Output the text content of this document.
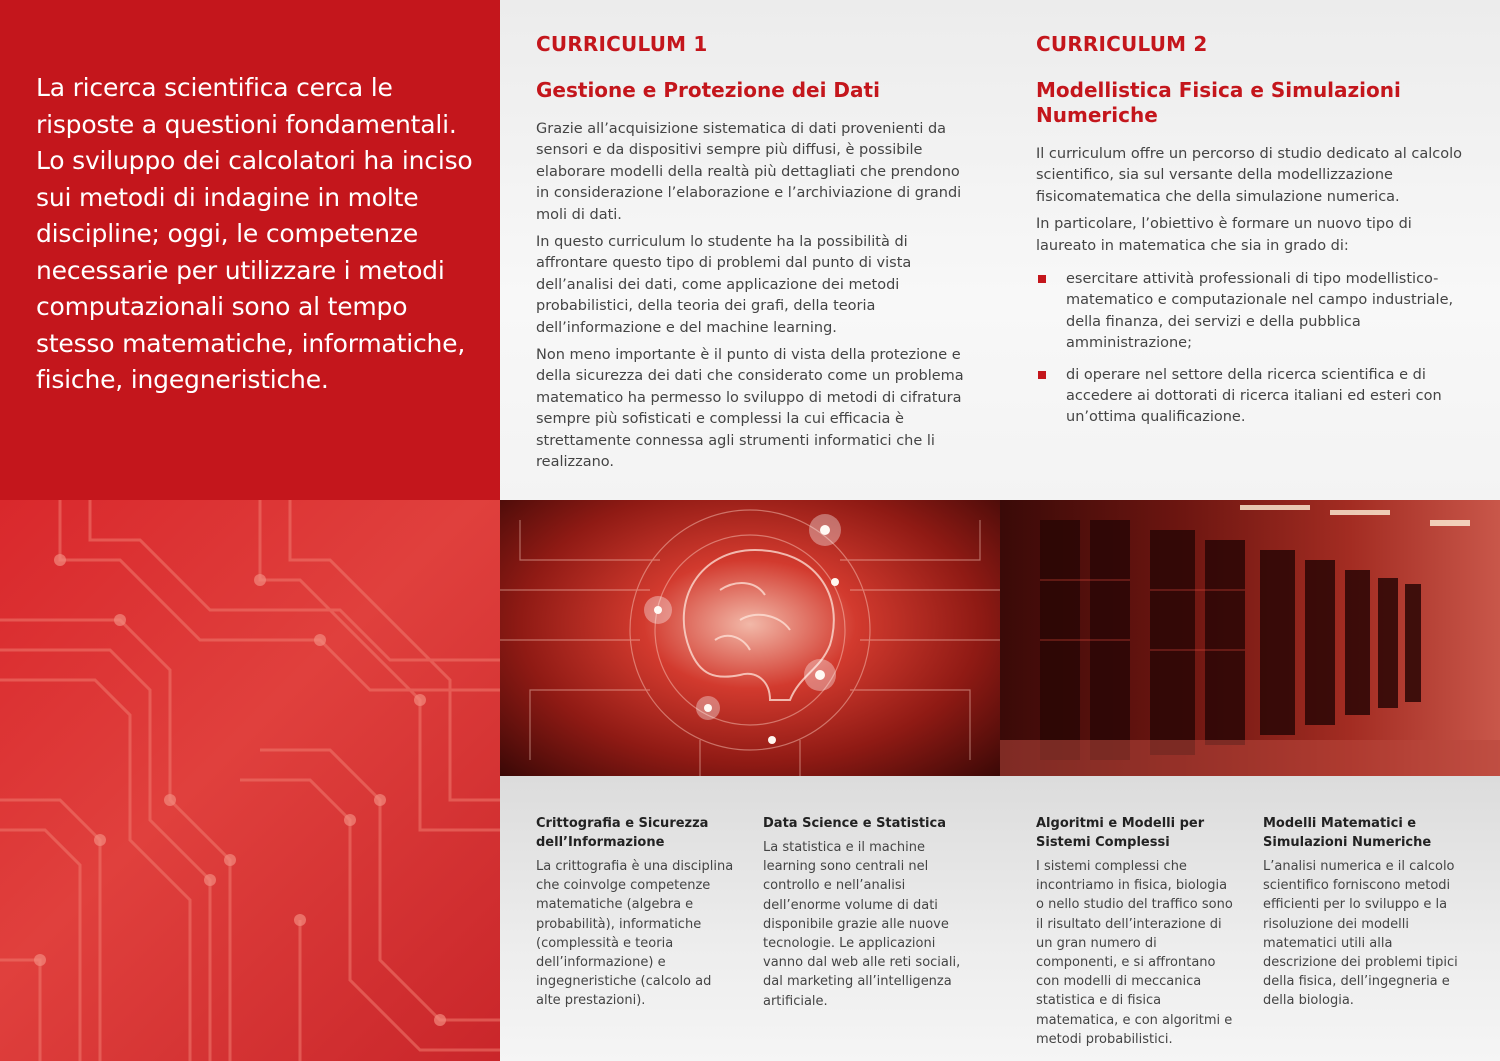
La ricerca scientifica cerca le risposte a questioni fondamentali. Lo sviluppo dei calcolatori ha inciso sui metodi di indagine in molte discipline; oggi, le competenze necessarie per utilizzare i metodi computazionali sono al tempo stesso matematiche, informatiche, fisiche, ingegneristiche.

CURRICULUM 1
Gestione e Protezione dei Dati

Grazie all’acquisizione sistematica di dati provenienti da sensori e da dispositivi sempre più diffusi, è possibile elaborare modelli della realtà più dettagliati che prendono in considerazione l’elaborazione e l’archiviazione di grandi moli di dati.

In questo curriculum lo studente ha la possibilità di affrontare questo tipo di problemi dal punto di vista dell’analisi dei dati, come applicazione dei metodi probabilistici, della teoria dei grafi, della teoria dell’informazione e del machine learning.

Non meno importante è il punto di vista della protezione e della sicurezza dei dati che considerato come un problema matematico ha permesso lo sviluppo di metodi di cifratura sempre più sofisticati e complessi la cui efficacia è strettamente connessa agli strumenti informatici che li realizzano.

CURRICULUM 2
Modellistica Fisica e Simulazioni Numeriche

Il curriculum offre un percorso di studio dedicato al calcolo scientifico, sia sul versante della modellizzazione fisicomatematica che della simulazione numerica.

In particolare, l’obiettivo è formare un nuovo tipo di laureato in matematica che sia in grado di:

esercitare attività professionali di tipo modellistico-matematico e computazionale nel campo industriale, della finanza, dei servizi e della pubblica amministrazione;
di operare nel settore della ricerca scientifica e di accedere ai dottorati di ricerca italiani ed esteri con un’ottima qualificazione.
Crittografia e Sicurezza dell’Informazione

La crittografia è una disciplina che coinvolge competenze matematiche (algebra e probabilità), informatiche (complessità e teoria dell’informazione) e ingegneristiche (calcolo ad alte prestazioni).

Data Science e Statistica

La statistica e il machine learning sono centrali nel controllo e nell’analisi dell’enorme volume di dati disponibile grazie alle nuove tecnologie. Le applicazioni vanno dal web alle reti sociali, dal marketing all’intelligenza artificiale.

Algoritmi e Modelli per Sistemi Complessi

I sistemi complessi che incontriamo in fisica, biologia o nello studio del traffico sono il risultato dell’interazione di un gran numero di componenti, e si affrontano con modelli di meccanica statistica e di fisica matematica, e con algoritmi e metodi probabilistici.

Modelli Matematici e Simulazioni Numeriche

L’analisi numerica e il calcolo scientifico forniscono metodi efficienti per lo sviluppo e la risoluzione dei modelli matematici utili alla descrizione dei problemi tipici della fisica, dell’ingegneria e della biologia.
